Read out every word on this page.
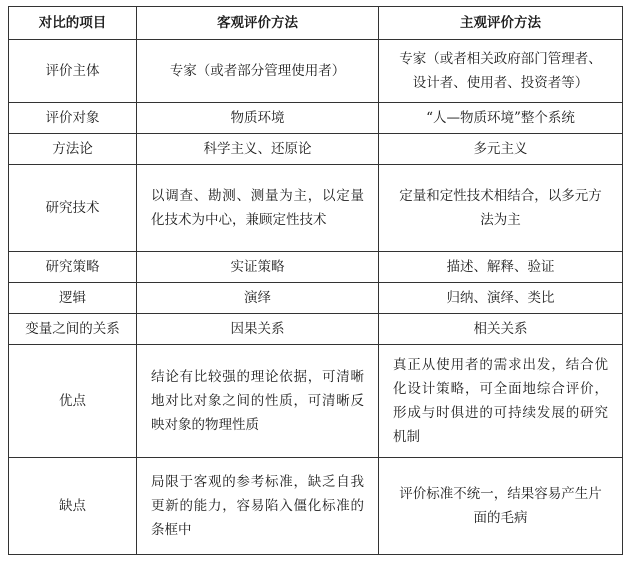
对比的项目	客观评价方法	主观评价方法
评价主体	专家（或者部分管理使用者）	专家（或者相关政府部门管理者、设计者、使用者、投资者等）
评价对象	物质环境	“人—物质环境”整个系统
方法论	科学主义、还原论	多元主义
研究技术	以调查、勘测、测量为主，以定量化技术为中心，兼顾定性技术	定量和定性技术相结合，以多元方法为主
研究策略	实证策略	描述、解释、验证
逻辑	演绎	归纳、演绎、类比
变量之间的关系	因果关系	相关关系
优点	结论有比较强的理论依据，可清晰地对比对象之间的性质，可清晰反映对象的物理性质	真正从使用者的需求出发，结合优化设计策略，可全面地综合评价，形成与时俱进的可持续发展的研究机制
缺点	局限于客观的参考标准，缺乏自我更新的能力，容易陷入僵化标准的条框中	评价标准不统一，结果容易产生片面的毛病
